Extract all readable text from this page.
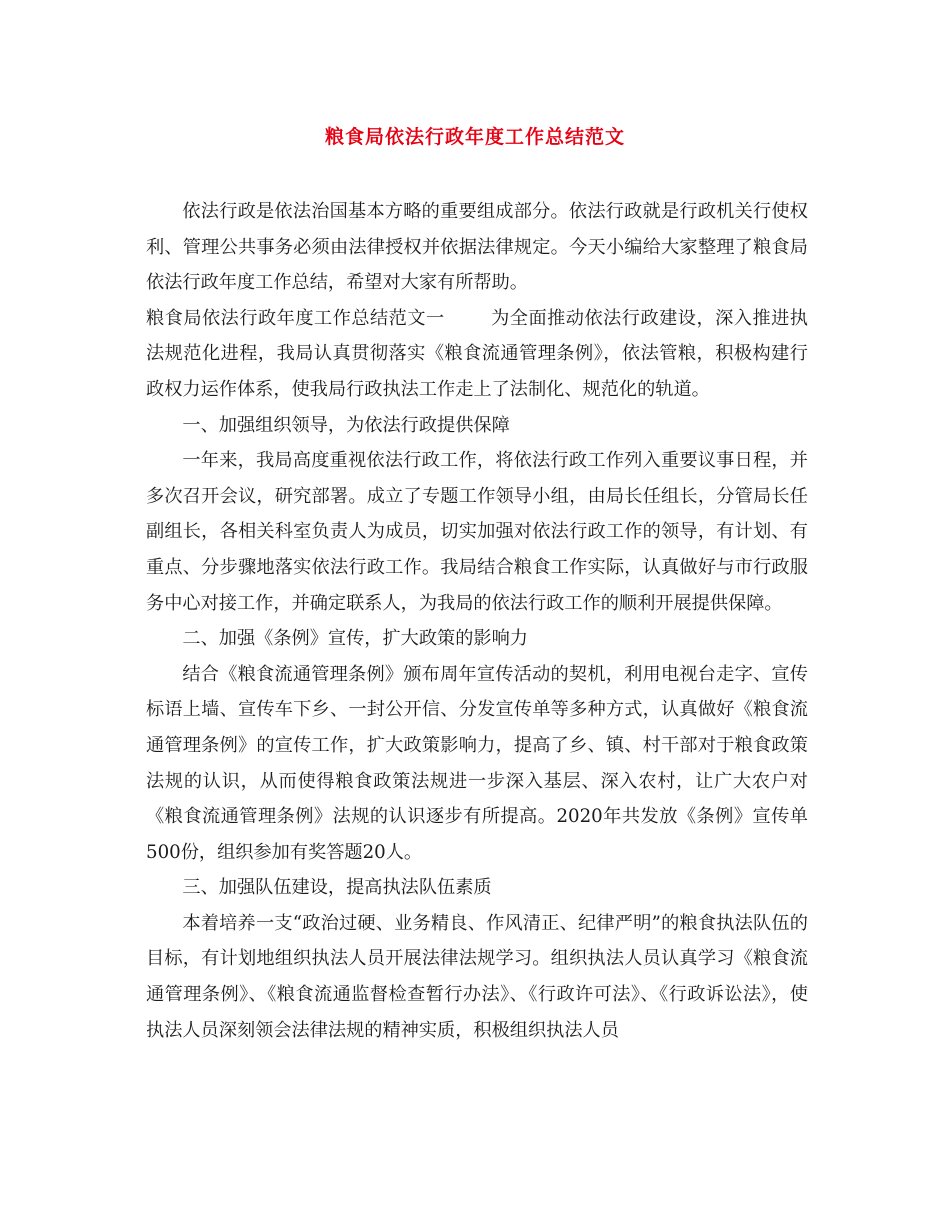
粮食局依法行政年度工作总结范文

依法行政是依法治国基本方略的重要组成部分。依法行政就是行政机关行使权利、管理公共事务必须由法律授权并依据法律规定。今天小编给大家整理了粮食局依法行政年度工作总结，希望对大家有所帮助。

粮食局依法行政年度工作总结范文一	为全面推动依法行政建设，深入推进执法规范化进程，我局认真贯彻落实《粮食流通管理条例》，依法管粮，积极构建行政权力运作体系，使我局行政执法工作走上了法制化、规范化的轨道。

一、加强组织领导，为依法行政提供保障

一年来，我局高度重视依法行政工作，将依法行政工作列入重要议事日程，并多次召开会议，研究部署。成立了专题工作领导小组，由局长任组长，分管局长任副组长，各相关科室负责人为成员，切实加强对依法行政工作的领导，有计划、有重点、分步骤地落实依法行政工作。我局结合粮食工作实际，认真做好与市行政服务中心对接工作，并确定联系人，为我局的依法行政工作的顺利开展提供保障。

二、加强《条例》宣传，扩大政策的影响力

结合《粮食流通管理条例》颁布周年宣传活动的契机，利用电视台走字、宣传标语上墙、宣传车下乡、一封公开信、分发宣传单等多种方式，认真做好《粮食流通管理条例》的宣传工作，扩大政策影响力，提高了乡、镇、村干部对于粮食政策法规的认识，从而使得粮食政策法规进一步深入基层、深入农村，让广大农户对《粮食流通管理条例》法规的认识逐步有所提高。2020年共发放《条例》宣传单500份，组织参加有奖答题20人。

三、加强队伍建设，提高执法队伍素质

本着培养一支“政治过硬、业务精良、作风清正、纪律严明”的粮食执法队伍的目标，有计划地组织执法人员开展法律法规学习。组织执法人员认真学习《粮食流通管理条例》、《粮食流通监督检查暂行办法》、《行政许可法》、《行政诉讼法》，使执法人员深刻领会法律法规的精神实质，积极组织执法人员
